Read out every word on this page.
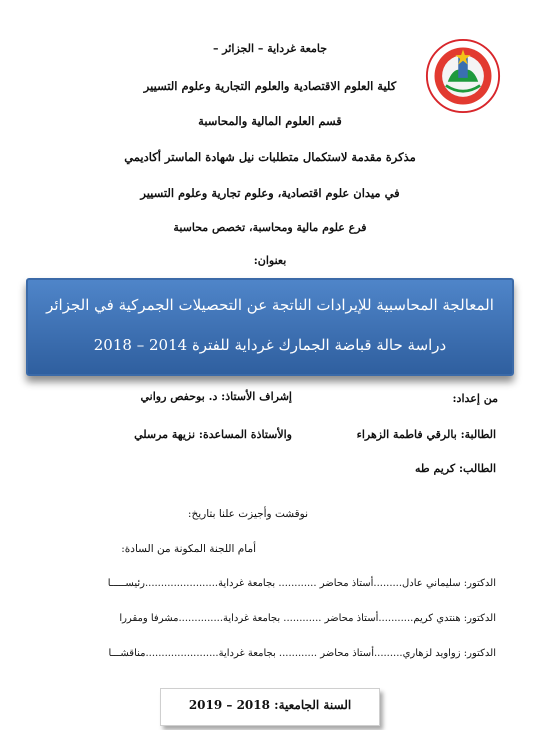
جامعة غرداية – الجزائر –
كلية العلوم الاقتصادية والعلوم التجارية وعلوم التسيير
قسم العلوم المالية والمحاسبة
مذكرة مقدمة لاستكمال متطلبات نيل شهادة الماستر أكاديمي
في ميدان علوم اقتصادية، وعلوم تجارية وعلوم التسيير
فرع علوم مالية ومحاسبة، تخصص محاسبة
بعنوان:
المعالجة المحاسبية للإيرادات الناتجة عن التحصيلات الجمركية في الجزائر
دراسة حالة قباضة الجمارك غرداية للفترة 2014 – 2018
من إعداد:
إشراف الأستاذ: د. بوحفص رواني
الطالبة: بالرقي فاطمة الزهراء
والأستاذة المساعدة: نزيهة مرسلي
الطالب: كريم طه
نوقشت وأجيزت علنا بتاريخ:
أمام اللجنة المكونة من السادة:
الدكتور: سليماني عادل.........أستاذ محاضر ............ بجامعة غرداية.......................رئيســـــا
الدكتور: هنتدي كريم...........أستاذ محاضر ............ بجامعة غرداية..............مشرفا ومقررا
الدكتور: زواويد لزهاري.........أستاذ محاضر ............ بجامعة غرداية.......................مناقشـــا
السنة الجامعية: 2018 – 2019
